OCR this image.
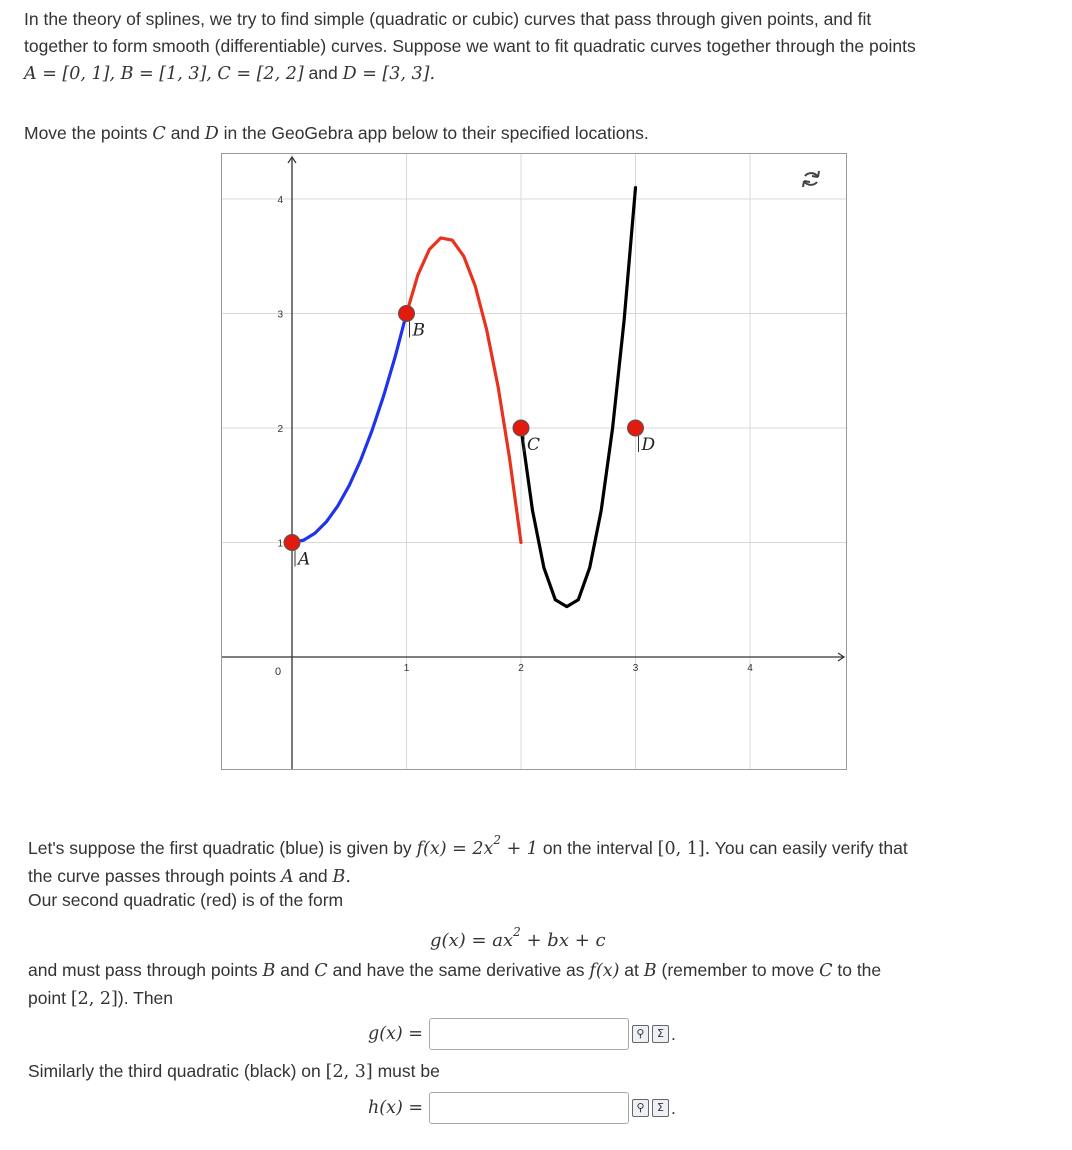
In the theory of splines, we try to find simple (quadratic or cubic) curves that pass through given points, and fit
together to form smooth (differentiable) curves. Suppose we want to fit quadratic curves together through the points
A = [0, 1], B = [1, 3], C = [2, 2] and D = [3, 3].
Move the points C and D in the GeoGebra app below to their specified locations.
1	2	3	4
1
2
3
4
0
A
B
C	D
Let's suppose the first quadratic (blue) is given by $f(x) = 2x^2 + 1$ on the interval [0, 1]. You can easily verify that
the curve passes through points A and B.
Our second quadratic (red) is of the form
$g(x) = ax^2$ + bx + c
and must pass through points B and C and have the same derivative as f(x) at B (remember to move C to the
point [2, 2]). Then
g(x) =	⚲	Σ .
Similarly the third quadratic (black) on [2, 3] must be
h(x) =	⚲	Σ .
